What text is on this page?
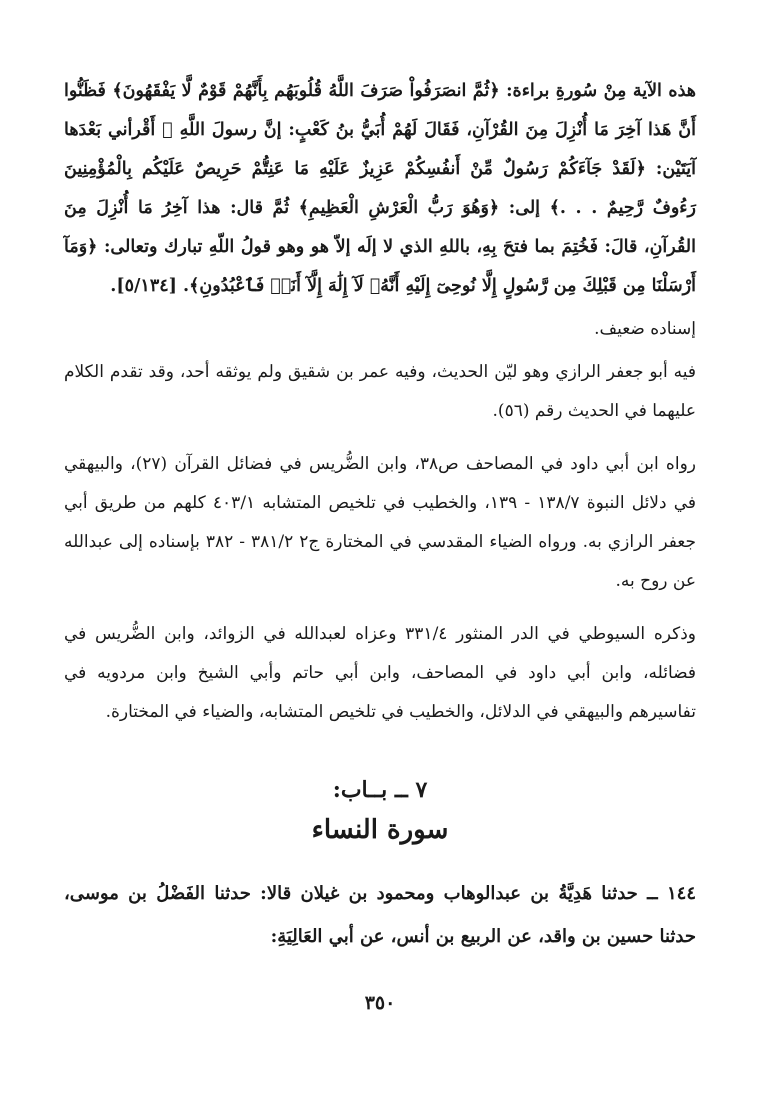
هذه الآية مِنْ سُورةِ براءة: ﴿ثُمَّ انصَرَفُواْ صَرَفَ اللَّهُ قُلُوبَهُم بِأَنَّهُمْ قَوْمٌ لَّا يَفْقَهُونَ﴾ فَظَنُّوا أَنَّ هَذا آخِرَ مَا أُنْزِلَ مِنَ القُرْآنِ، فَقَالَ لَهُمْ أُبَيُّ بنُ كَعْبٍ: إنَّ رسولَ اللَّهِ ﷺ أَقْرأني بَعْدَها آيَتَيْن: ﴿لَقَدْ جَآءَكُمْ رَسُولٌ مِّنْ أَنفُسِكُمْ عَزِيزٌ عَلَيْهِ مَا عَنِتُّمْ حَرِيصٌ عَلَيْكُم بِالْمُؤْمِنِينَ رَءُوفٌ رَّحِيمٌ . . .﴾ إلى: ﴿وَهُوَ رَبُّ الْعَرْشِ الْعَظِيمِ﴾ ثُمَّ قال: هذا آخِرُ مَا أُنْزِلَ مِنَ القُرآنِ، قالَ: فَخُتِمَ بما فتحَ بِهِ، باللهِ الذي لا إلَه إلاّ هو وهو قولُ اللّهِ تبارك وتعالى: ﴿وَمَآ أَرْسَلْنَا مِن قَبْلِكَ مِن رَّسُولٍ إِلَّا نُوحِىٓ إِلَيْهِ أَنَّهُۥ لَآ إِلَٰهَ إِلَّآ أَنَا۠ فَٱعْبُدُونِ﴾. [٥/١٣٤].

إسناده ضعيف.

فيه أبو جعفر الرازي وهو ليّن الحديث، وفيه عمر بن شقيق ولم يوثقه أحد، وقد تقدم الكلام عليهما في الحديث رقم (٥٦).

رواه ابن أبي داود في المصاحف ص٣٨، وابن الضُّريس في فضائل القرآن (٢٧)، والبيهقي في دلائل النبوة ١٣٨/٧ - ١٣٩، والخطيب في تلخيص المتشابه ٤٠٣/١ كلهم من طريق أبي جعفر الرازي به. ورواه الضياء المقدسي في المختارة ج٢ ٣٨١/٢ - ٣٨٢ بإسناده إلى عبدالله عن روح به.

وذكره السيوطي في الدر المنثور ٣٣١/٤ وعزاه لعبدالله في الزوائد، وابن الضُّريس في فضائله، وابن أبي داود في المصاحف، وابن أبي حاتم وأبي الشيخ وابن مردويه في تفاسيرهم والبيهقي في الدلائل، والخطيب في تلخيص المتشابه، والضياء في المختارة.

٧ ــ بــاب:
سورة النساء

١٤٤ ــ حدثنا هَدِيَّةُ بن عبدالوهاب ومحمود بن غيلان قالا: حدثنا الفَضْلُ بن موسى، حدثنا حسين بن واقد، عن الربيع بن أنس، عن أبي العَالِيَةِ:

٣٥٠
